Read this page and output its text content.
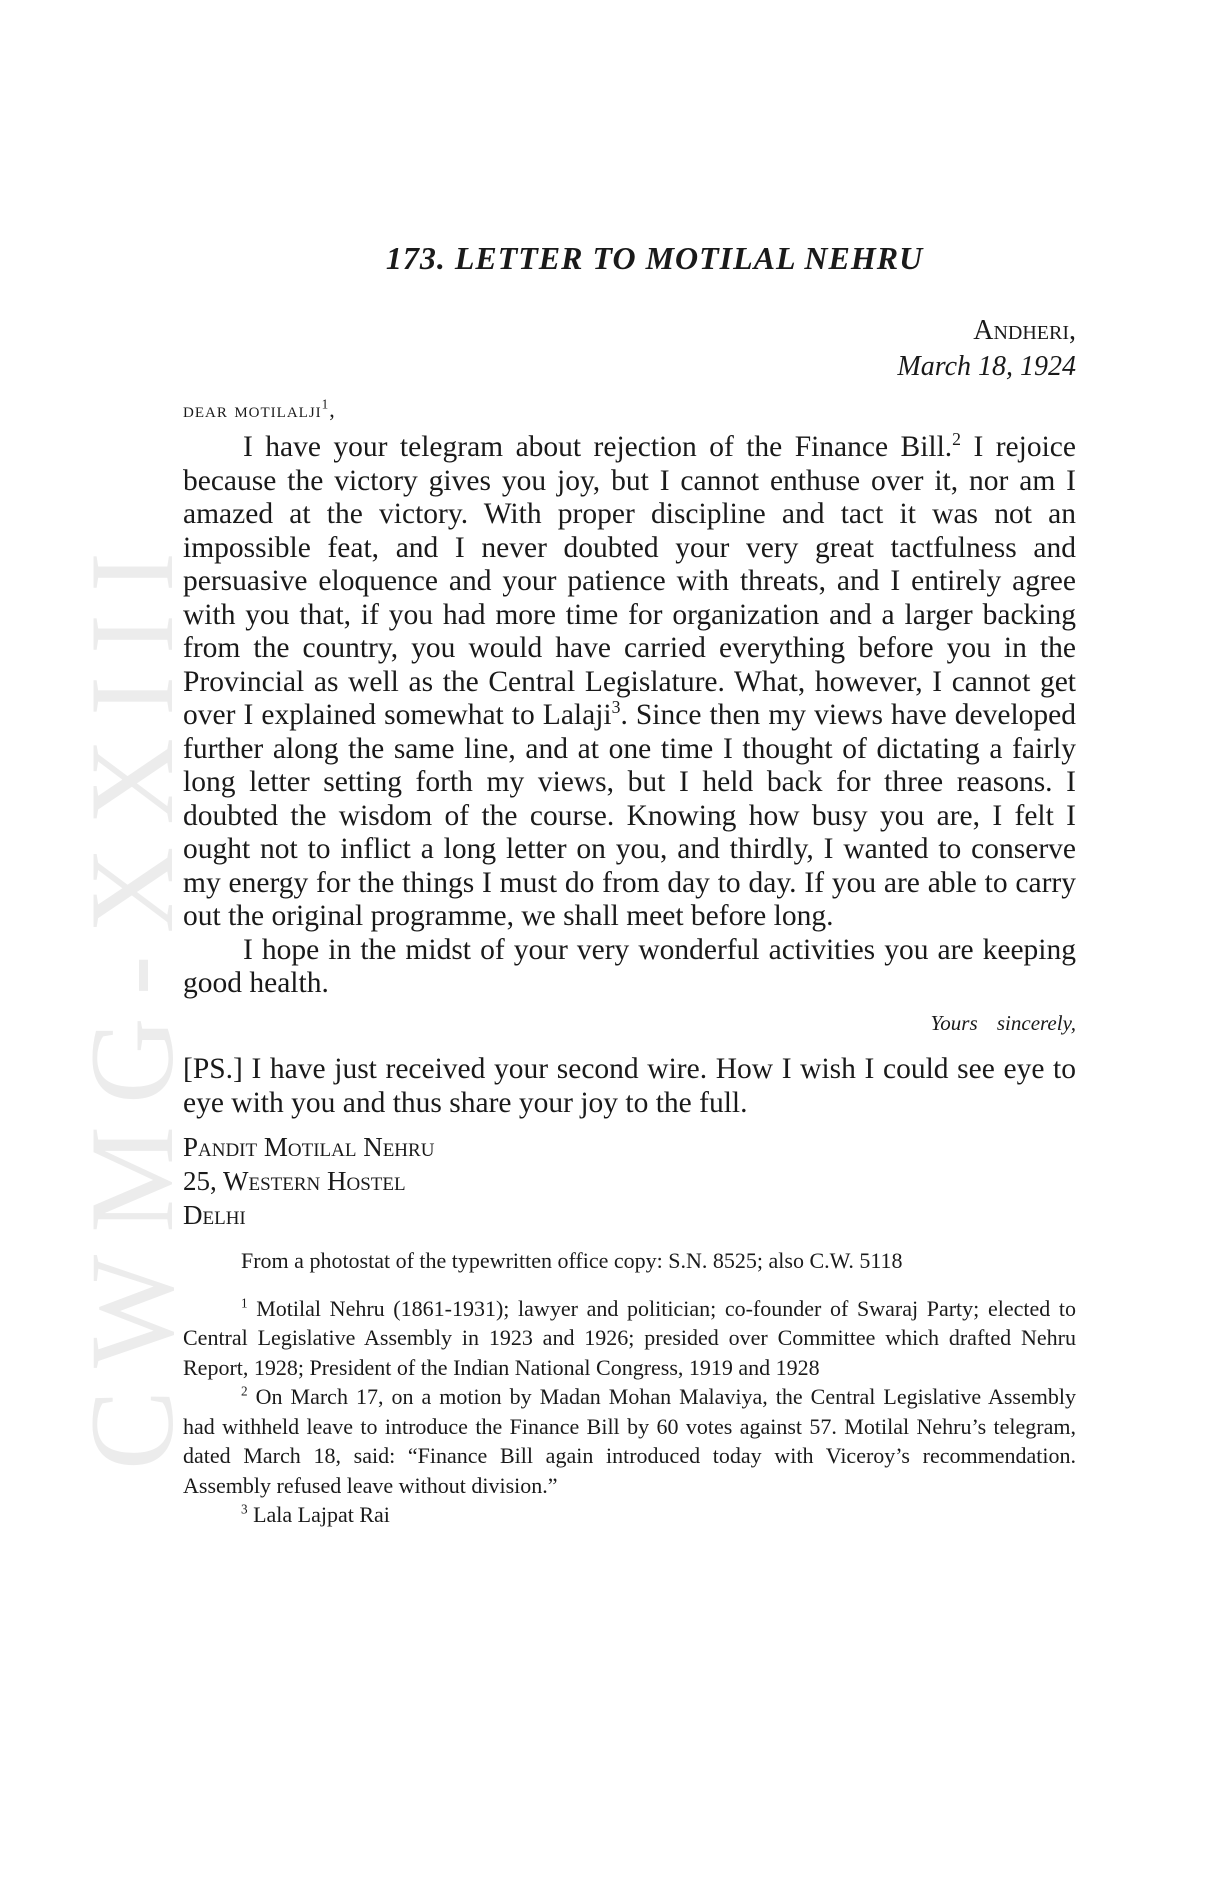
CWMG-XXIII
173. LETTER TO MOTILAL NEHRU

Andheri,

March 18, 1924

dear motilalji$^1$,

I have your telegram about rejection of the Finance Bill.$^2$ I rejoice because the victory gives you joy, but I cannot enthuse over it, nor am I amazed at the victory. With proper discipline and tact it was not an impossible feat, and I never doubted your very great tactfulness and persuasive eloquence and your patience with threats, and I entirely agree with you that, if you had more time for organization and a larger backing from the country, you would have carried everything before you in the Provincial as well as the Central Legislature. What, however, I cannot get over I explained somewhat to Lalaji$^3$. Since then my views have developed further along the same line, and at one time I thought of dictating a fairly long letter setting forth my views, but I held back for three reasons. I doubted the wisdom of the course. Knowing how busy you are, I felt I ought not to inflict a long letter on you, and thirdly, I wanted to conserve my energy for the things I must do from day to day. If you are able to carry out the original programme, we shall meet before long.

I hope in the midst of your very wonderful activities you are keeping good health.

Yours sincerely,

[PS.] I have just received your second wire. How I wish I could see eye to eye with you and thus share your joy to the full.

Pandit Motilal Nehru

25, Western Hostel

Delhi

From a photostat of the typewritten office copy: S.N. 8525; also C.W. 5118

$^1$ Motilal Nehru (1861-1931); lawyer and politician; co-founder of Swaraj Party; elected to Central Legislative Assembly in 1923 and 1926; presided over Committee which drafted Nehru Report, 1928; President of the Indian National Congress, 1919 and 1928

$^2$ On March 17, on a motion by Madan Mohan Malaviya, the Central Legislative Assembly had withheld leave to introduce the Finance Bill by 60 votes against 57. Motilal Nehru’s telegram, dated March 18, said: “Finance Bill again introduced today with Viceroy’s recommendation. Assembly refused leave without division.”

$^3$ Lala Lajpat Rai
